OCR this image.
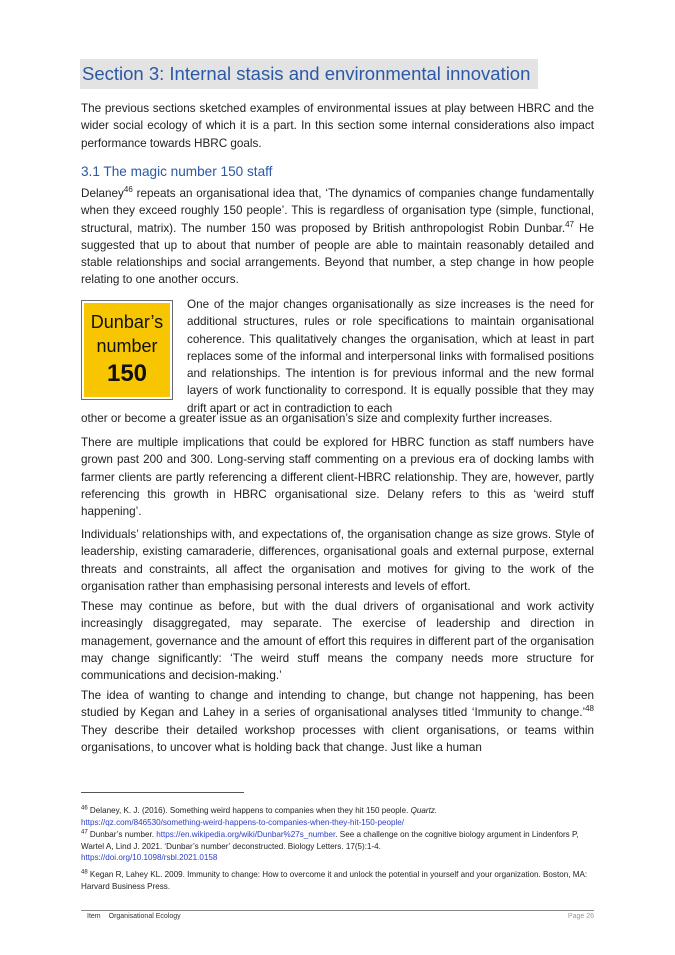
Section 3: Internal stasis and environmental innovation

The previous sections sketched examples of environmental issues at play between HBRC and the wider social ecology of which it is a part. In this section some internal considerations also impact performance towards HBRC goals.

3.1 The magic number 150 staff

Delaney$^{46}$ repeats an organisational idea that, ‘The dynamics of companies change fundamentally when they exceed roughly 150 people’. This is regardless of organisation type (simple, functional, structural, matrix). The number 150 was proposed by British anthropologist Robin Dunbar.$^{47}$ He suggested that up to about that number of people are able to maintain reasonably detailed and stable relationships and social arrangements. Beyond that number, a step change in how people relating to one another occurs.

Dunbar’s
number
150

One of the major changes organisationally as size increases is the need for additional structures, rules or role specifications to maintain organisational coherence. This qualitatively changes the organisation, which at least in part replaces some of the informal and interpersonal links with formalised positions and relationships. The intention is for previous informal and the new formal layers of work functionality to correspond. It is equally possible that they may drift apart or act in contradiction to each

other or become a greater issue as an organisation’s size and complexity further increases.

There are multiple implications that could be explored for HBRC function as staff numbers have grown past 200 and 300. Long-serving staff commenting on a previous era of docking lambs with farmer clients are partly referencing a different client-HBRC relationship. They are, however, partly referencing this growth in HBRC organisational size. Delany refers to this as ‘weird stuff happening’.

Individuals’ relationships with, and expectations of, the organisation change as size grows. Style of leadership, existing camaraderie, differences, organisational goals and external purpose, external threats and constraints, all affect the organisation and motives for giving to the work of the organisation rather than emphasising personal interests and levels of effort.

These may continue as before, but with the dual drivers of organisational and work activity increasingly disaggregated, may separate. The exercise of leadership and direction in management, governance and the amount of effort this requires in different part of the organisation may change significantly: ‘The weird stuff means the company needs more structure for communications and decision-making.’

The idea of wanting to change and intending to change, but change not happening, has been studied by Kegan and Lahey in a series of organisational analyses titled ‘Immunity to change.’$^{48}$ They describe their detailed workshop processes with client organisations, or teams within organisations, to uncover what is holding back that change. Just like a human

$^{46}$ Delaney, K. J. (2016). Something weird happens to companies when they hit 150 people. Quartz.
https://qz.com/846530/something-weird-happens-to-companies-when-they-hit-150-people/

$^{47}$ Dunbar’s number. https://en.wikipedia.org/wiki/Dunbar%27s_number. See a challenge on the cognitive biology argument in Lindenfors P, Wartel A, Lind J. 2021. ‘Dunbar’s number’ deconstructed. Biology Letters. 17(5):1-4.
https://doi.org/10.1098/rsbl.2021.0158

$^{48}$ Kegan R, Lahey KL. 2009. Immunity to change: How to overcome it and unlock the potential in yourself and your organization. Boston, MA: Harvard Business Press.

Item Organisational Ecology	Page 26
